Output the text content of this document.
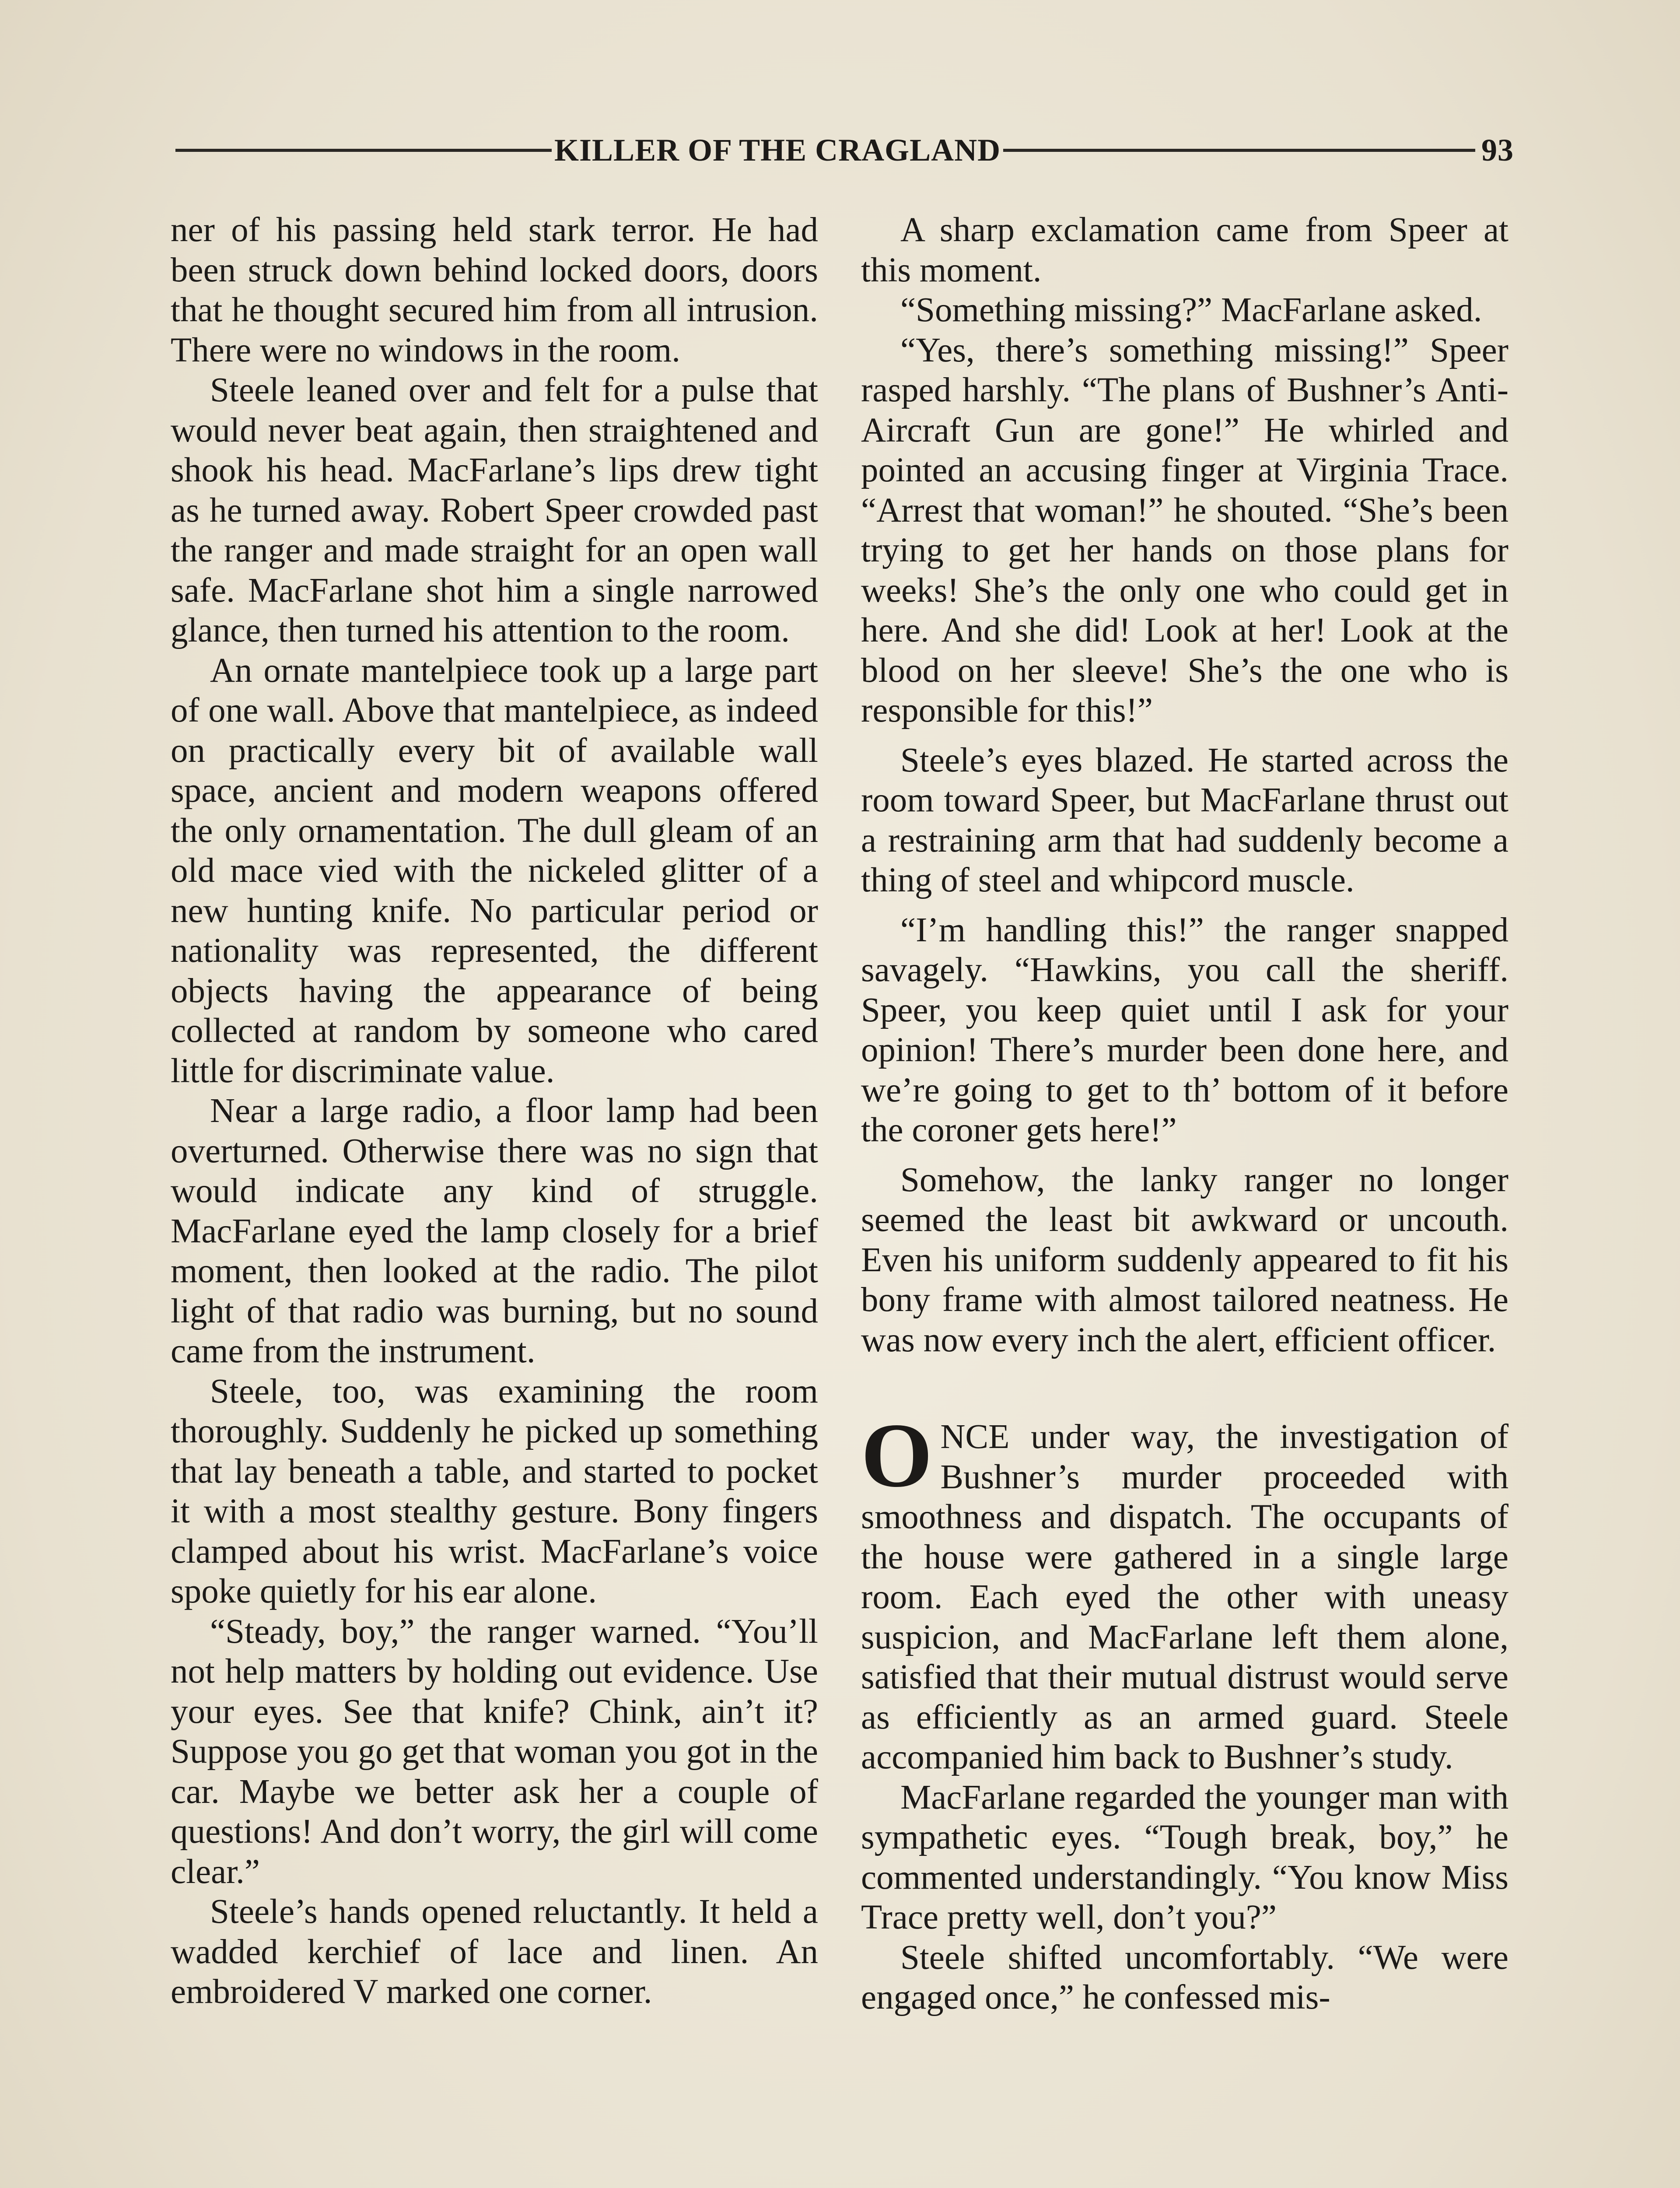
KILLER OF THE CRAGLAND	93

ner of his passing held stark terror. He had been struck down behind locked doors, doors that he thought secured him from all intrusion. There were no windows in the room.

Steele leaned over and felt for a pulse that would never beat again, then straightened and shook his head. MacFarlane’s lips drew tight as he turned away. Robert Speer crowded past the ranger and made straight for an open wall safe. MacFarlane shot him a single narrowed glance, then turned his attention to the room.

An ornate mantelpiece took up a large part of one wall. Above that mantelpiece, as indeed on practically every bit of available wall space, ancient and modern weapons offered the only ornamentation. The dull gleam of an old mace vied with the nickeled glitter of a new hunting knife. No particular period or nationality was represented, the different objects having the appearance of being collected at random by someone who cared little for discriminate value.

Near a large radio, a floor lamp had been overturned. Otherwise there was no sign that would indicate any kind of struggle. MacFarlane eyed the lamp closely for a brief moment, then looked at the radio. The pilot light of that radio was burning, but no sound came from the instrument.

Steele, too, was examining the room thoroughly. Suddenly he picked up something that lay beneath a table, and started to pocket it with a most stealthy gesture. Bony fingers clamped about his wrist. MacFarlane’s voice spoke quietly for his ear alone.

“Steady, boy,” the ranger warned. “You’ll not help matters by holding out evidence. Use your eyes. See that knife? Chink, ain’t it? Suppose you go get that woman you got in the car. Maybe we better ask her a couple of questions! And don’t worry, the girl will come clear.”

Steele’s hands opened reluctantly. It held a wadded kerchief of lace and linen. An embroidered V marked one corner.

A sharp exclamation came from Speer at this moment.

“Something missing?” MacFarlane asked.

“Yes, there’s something missing!” Speer rasped harshly. “The plans of Bushner’s Anti-Aircraft Gun are gone!” He whirled and pointed an accusing finger at Virginia Trace. “Arrest that woman!” he shouted. “She’s been trying to get her hands on those plans for weeks! She’s the only one who could get in here. And she did! Look at her! Look at the blood on her sleeve! She’s the one who is responsible for this!”

Steele’s eyes blazed. He started across the room toward Speer, but MacFarlane thrust out a restraining arm that had suddenly become a thing of steel and whipcord muscle.

“I’m handling this!” the ranger snapped savagely. “Hawkins, you call the sheriff. Speer, you keep quiet until I ask for your opinion! There’s murder been done here, and we’re going to get to th’ bottom of it before the coroner gets here!”

Somehow, the lanky ranger no longer seemed the least bit awkward or uncouth. Even his uniform suddenly appeared to fit his bony frame with almost tailored neatness. He was now every inch the alert, efficient officer.

ONCE under way, the investigation of Bushner’s murder proceeded with smoothness and dispatch. The occupants of the house were gathered in a single large room. Each eyed the other with uneasy suspicion, and MacFarlane left them alone, satisfied that their mutual distrust would serve as efficiently as an armed guard. Steele accompanied him back to Bushner’s study.

MacFarlane regarded the younger man with sympathetic eyes. “Tough break, boy,” he commented understandingly. “You know Miss Trace pretty well, don’t you?”

Steele shifted uncomfortably. “We were engaged once,” he confessed mis-
